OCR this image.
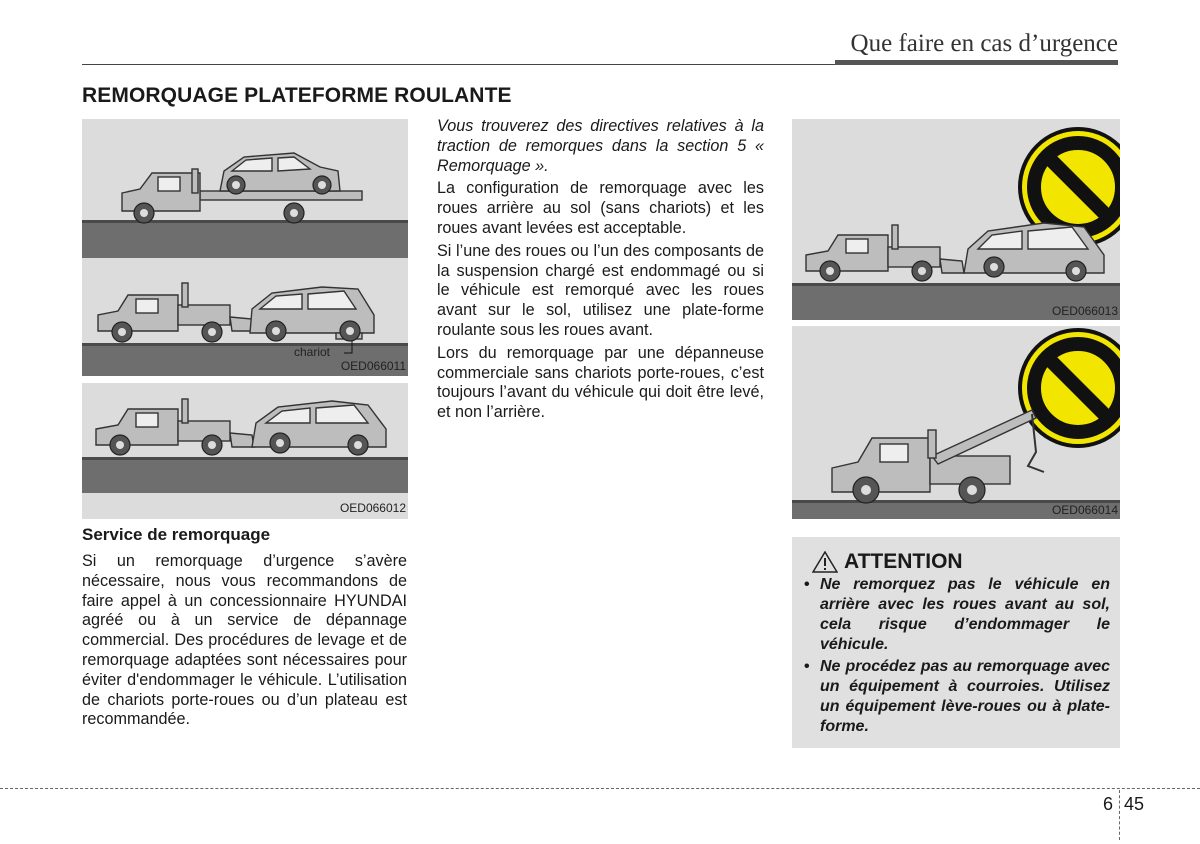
Que faire en cas d’urgence
REMORQUAGE PLATEFORME ROULANTE
chariot
OED066011
OED066012
OED066013
OED066014
Service de remorquage

Si un remorquage d’urgence s’avère nécessaire, nous vous recommandons de faire appel à un concessionnaire HYUNDAI agréé ou à un service de dépannage commercial. Des procédures de levage et de remorquage adaptées sont nécessaires pour éviter d'endommager le véhicule. L’utilisation de chariots porte-roues ou d’un plateau est recommandée.

Vous trouverez des directives relatives à la traction de remorques dans la section 5 « Remorquage ».

La configuration de remorquage avec les roues arrière au sol (sans chariots) et les roues avant levées est acceptable.

Si l’une des roues ou l’un des composants de la suspension chargé est endommagé ou si le véhicule est remorqué avec les roues avant sur le sol, utilisez une plate-forme roulante sous les roues avant.

Lors du remorquage par une dépanneuse commerciale sans chariots porte-roues, c’est toujours l’avant du véhicule qui doit être levé, et non l’arrière.

ATTENTION
• Ne remorquez pas le véhicule en arrière avec les roues avant au sol, cela risque d’endommager le véhicule.
• Ne procédez pas au remorquage avec un équipement à courroies. Utilisez un équipement lève-roues ou à plate-forme.
6 45
